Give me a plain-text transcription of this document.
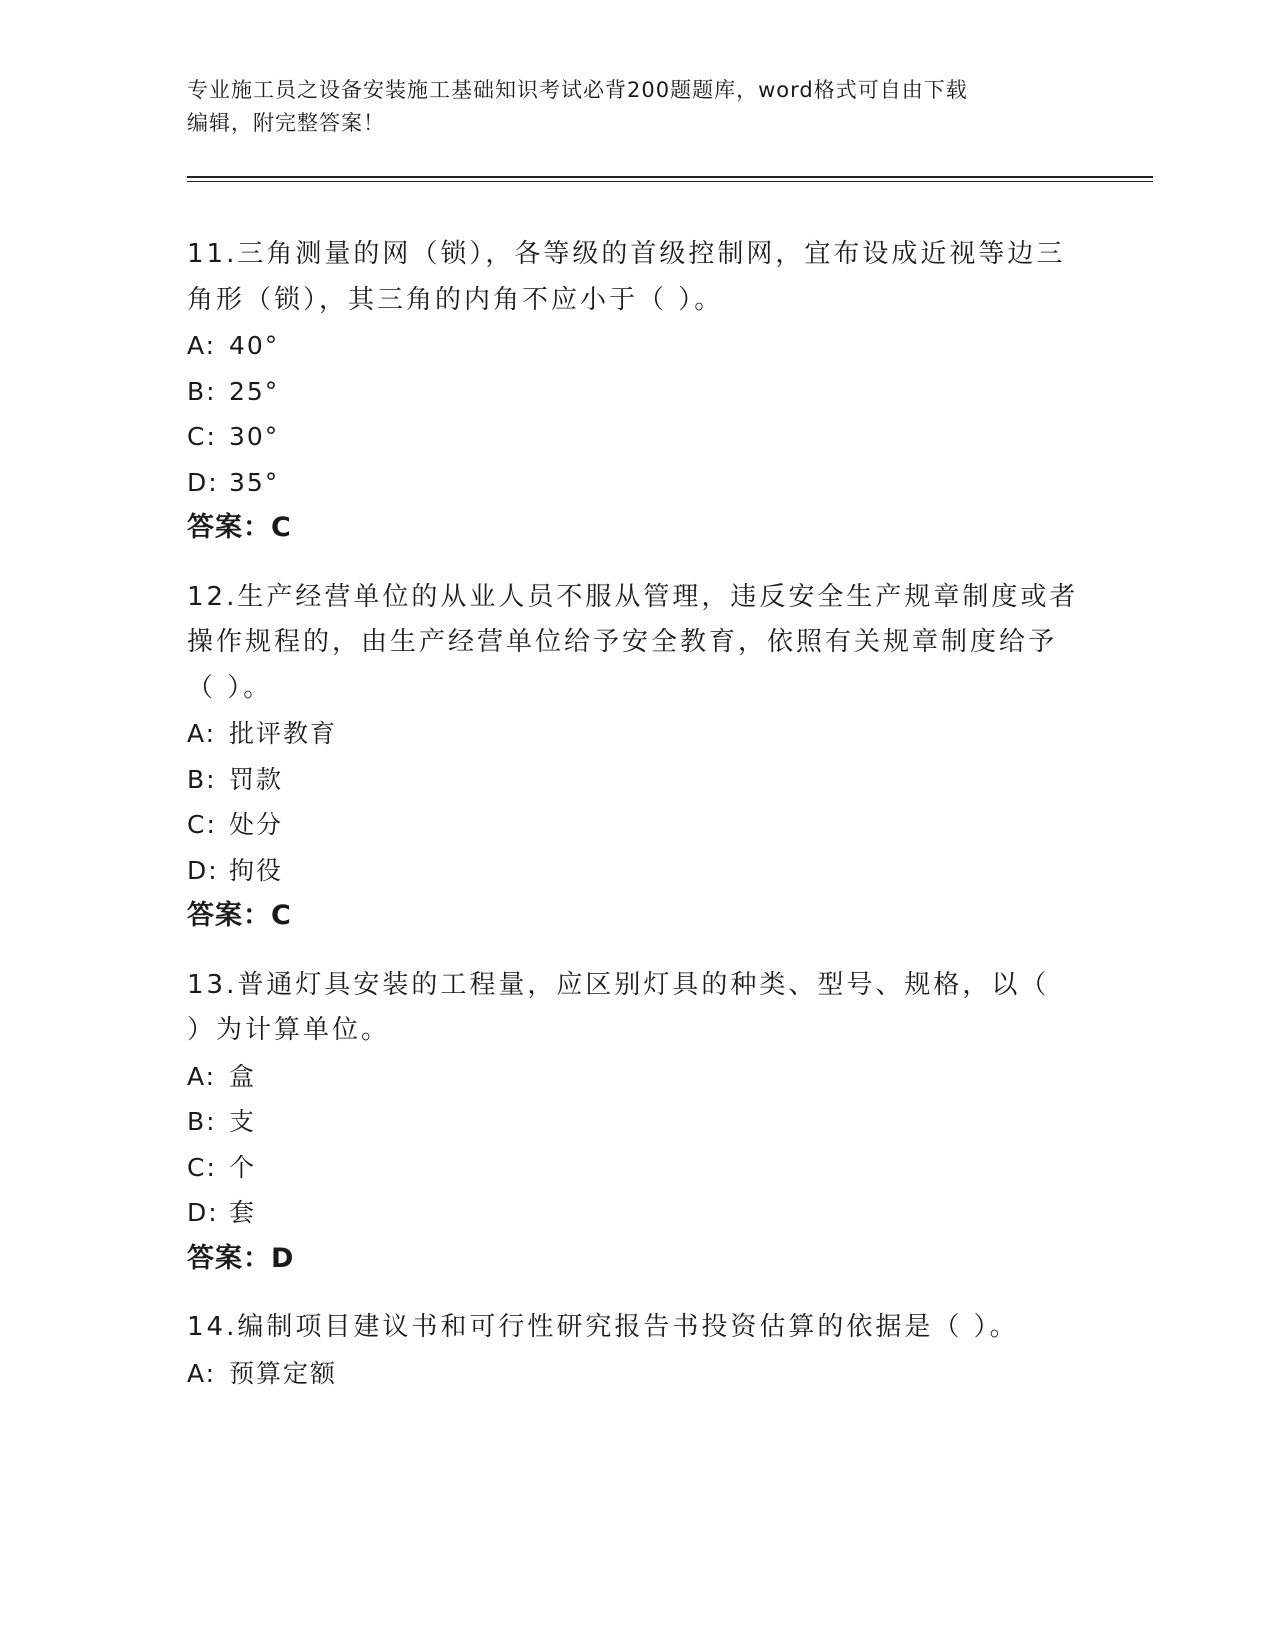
专业施工员之设备安装施工基础知识考试必背200题题库，word格式可自由下载
编辑，附完整答案！
11.三角测量的网（锁），各等级的首级控制网，宜布设成近视等边三
角形（锁），其三角的内角不应小于（ ）。
A: 40°
B: 25°
C: 30°
D: 35°
答案：C
12.生产经营单位的从业人员不服从管理，违反安全生产规章制度或者
操作规程的，由生产经营单位给予安全教育，依照有关规章制度给予
（ ）。
A: 批评教育
B: 罚款
C: 处分
D: 拘役
答案：C
13.普通灯具安装的工程量，应区别灯具的种类、型号、规格，以（
）为计算单位。
A: 盒
B: 支
C: 个
D: 套
答案：D
14.编制项目建议书和可行性研究报告书投资估算的依据是（ ）。
A: 预算定额
